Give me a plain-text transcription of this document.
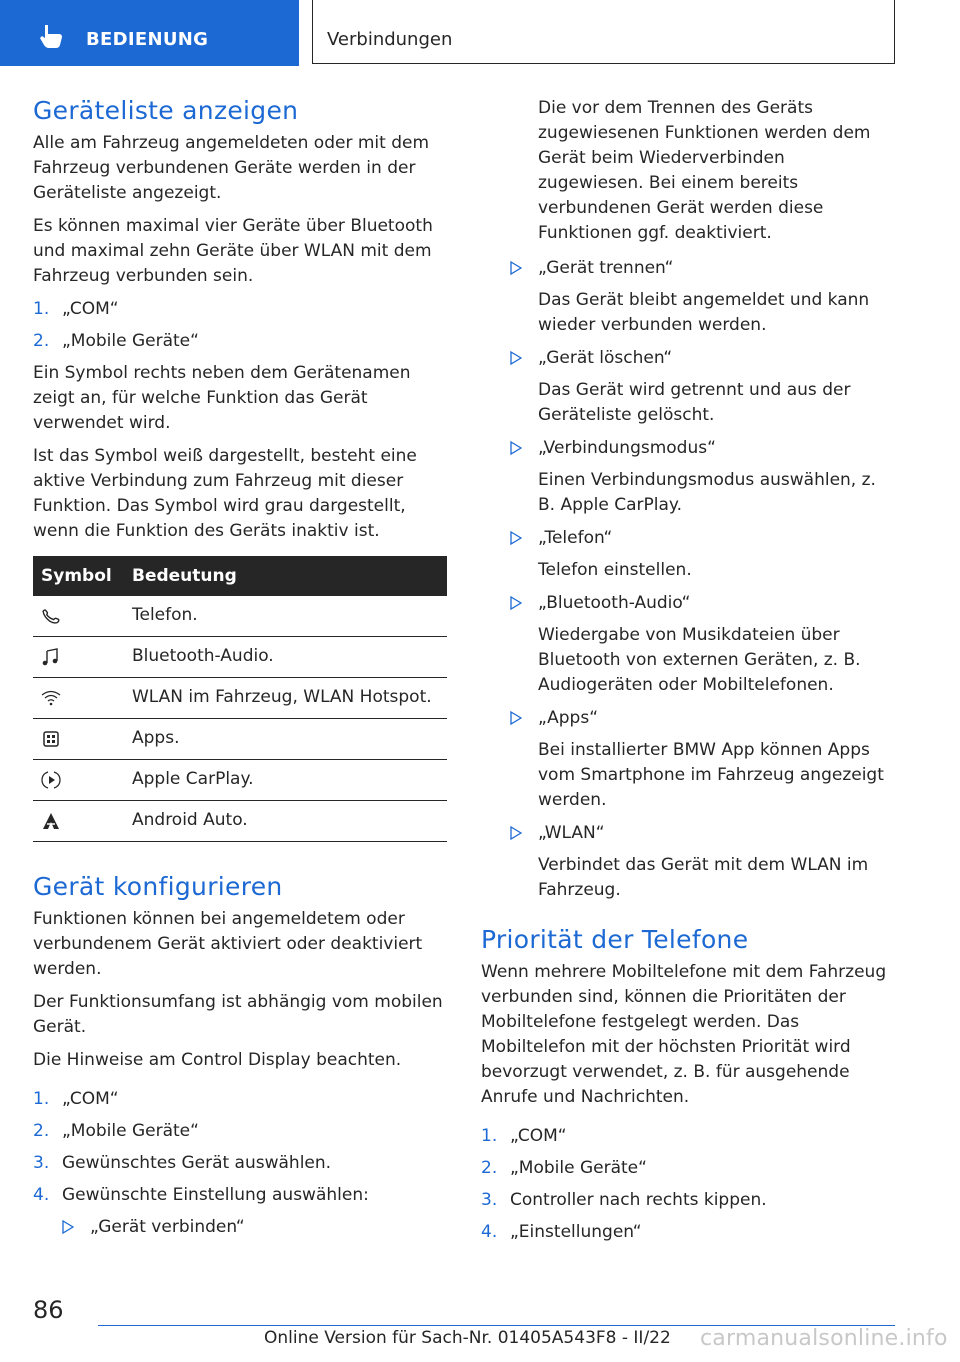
BEDIENUNG	Verbindungen
Geräteliste anzeigen

Alle am Fahrzeug angemeldeten oder mit dem Fahrzeug verbundenen Geräte werden in der Geräteliste angezeigt.

Es können maximal vier Geräte über Bluetooth und maximal zehn Geräte über WLAN mit dem Fahrzeug verbunden sein.

1. „COM“
2. „Mobile Geräte“

Ein Symbol rechts neben dem Gerätenamen zeigt an, für welche Funktion das Gerät verwendet wird.

Ist das Symbol weiß dargestellt, besteht eine aktive Verbindung zum Fahrzeug mit dieser Funktion. Das Symbol wird grau dargestellt, wenn die Funktion des Geräts inaktiv ist.

Symbol	Bedeutung

	Telefon.

	Bluetooth-Audio.

	WLAN im Fahrzeug, WLAN Hotspot.

	Apps.

	Apple CarPlay.

	Android Auto.
Gerät konfigurieren

Funktionen können bei angemeldetem oder verbundenem Gerät aktiviert oder deaktiviert werden.

Der Funktionsumfang ist abhängig vom mobilen Gerät.

Die Hinweise am Control Display beachten.

1. „COM“
2. „Mobile Geräte“
3. Gewünschtes Gerät auswählen.
4. Gewünschte Einstellung auswählen:
„Gerät verbinden“

Die vor dem Trennen des Geräts zugewiesenen Funktionen werden dem Gerät beim Wiederverbinden zugewiesen. Bei einem bereits verbundenen Gerät werden diese Funktionen ggf. deaktiviert.

„Gerät trennen“
Das Gerät bleibt angemeldet und kann wieder verbunden werden.
„Gerät löschen“
Das Gerät wird getrennt und aus der Geräteliste gelöscht.
„Verbindungsmodus“
Einen Verbindungsmodus auswählen, z. B. Apple CarPlay.
„Telefon“
Telefon einstellen.
„Bluetooth-Audio“
Wiedergabe von Musikdateien über Bluetooth von externen Geräten, z. B. Audiogeräten oder Mobiltelefonen.
„Apps“
Bei installierter BMW App können Apps vom Smartphone im Fahrzeug angezeigt werden.
„WLAN“
Verbindet das Gerät mit dem WLAN im Fahrzeug.
Priorität der Telefone

Wenn mehrere Mobiltelefone mit dem Fahrzeug verbunden sind, können die Prioritäten der Mobiltelefone festgelegt werden. Das Mobiltelefon mit der höchsten Priorität wird bevorzugt verwendet, z. B. für ausgehende Anrufe und Nachrichten.

1. „COM“
2. „Mobile Geräte“
3. Controller nach rechts kippen.
4. „Einstellungen“
86
Online Version für Sach-Nr. 01405A543F8 - II/22 carmanualsonline.info
